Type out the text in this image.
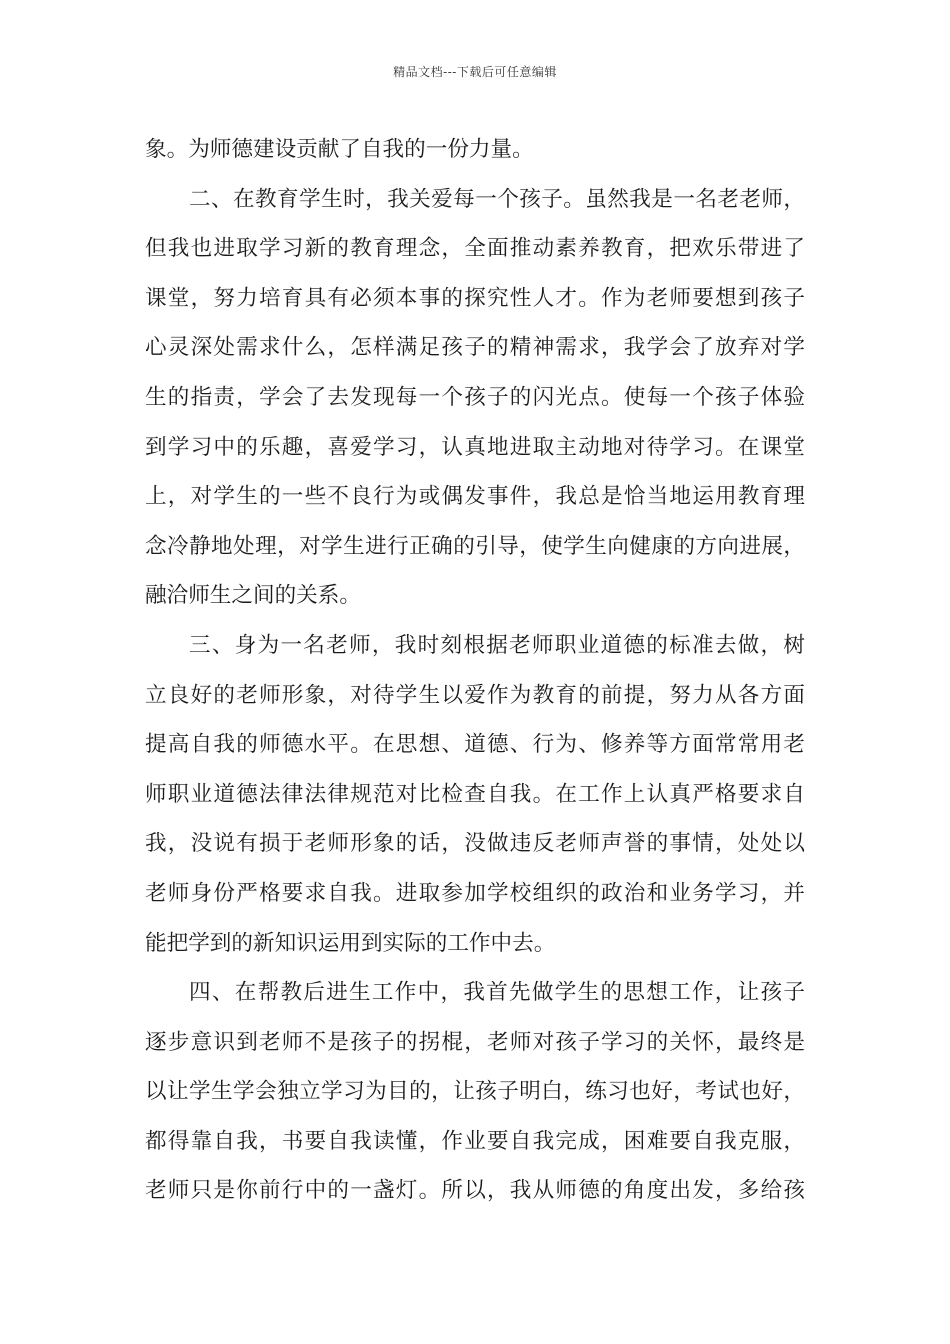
精品文档---下载后可任意编辑
象。为师德建设贡献了自我的一份力量。
二、在教育学生时，我关爱每一个孩子。虽然我是一名老老师，
但我也进取学习新的教育理念，全面推动素养教育，把欢乐带进了
课堂，努力培育具有必须本事的探究性人才。作为老师要想到孩子
心灵深处需求什么，怎样满足孩子的精神需求，我学会了放弃对学
生的指责，学会了去发现每一个孩子的闪光点。使每一个孩子体验
到学习中的乐趣，喜爱学习，认真地进取主动地对待学习。在课堂
上，对学生的一些不良行为或偶发事件，我总是恰当地运用教育理
念冷静地处理，对学生进行正确的引导，使学生向健康的方向进展，
融洽师生之间的关系。
三、身为一名老师，我时刻根据老师职业道德的标准去做，树
立良好的老师形象，对待学生以爱作为教育的前提，努力从各方面
提高自我的师德水平。在思想、道德、行为、修养等方面常常用老
师职业道德法律法律规范对比检查自我。在工作上认真严格要求自
我，没说有损于老师形象的话，没做违反老师声誉的事情，处处以
老师身份严格要求自我。进取参加学校组织的政治和业务学习，并
能把学到的新知识运用到实际的工作中去。
四、在帮教后进生工作中，我首先做学生的思想工作，让孩子
逐步意识到老师不是孩子的拐棍，老师对孩子学习的关怀，最终是
以让学生学会独立学习为目的，让孩子明白，练习也好，考试也好，
都得靠自我，书要自我读懂，作业要自我完成，困难要自我克服，
老师只是你前行中的一盏灯。所以，我从师德的角度出发，多给孩
